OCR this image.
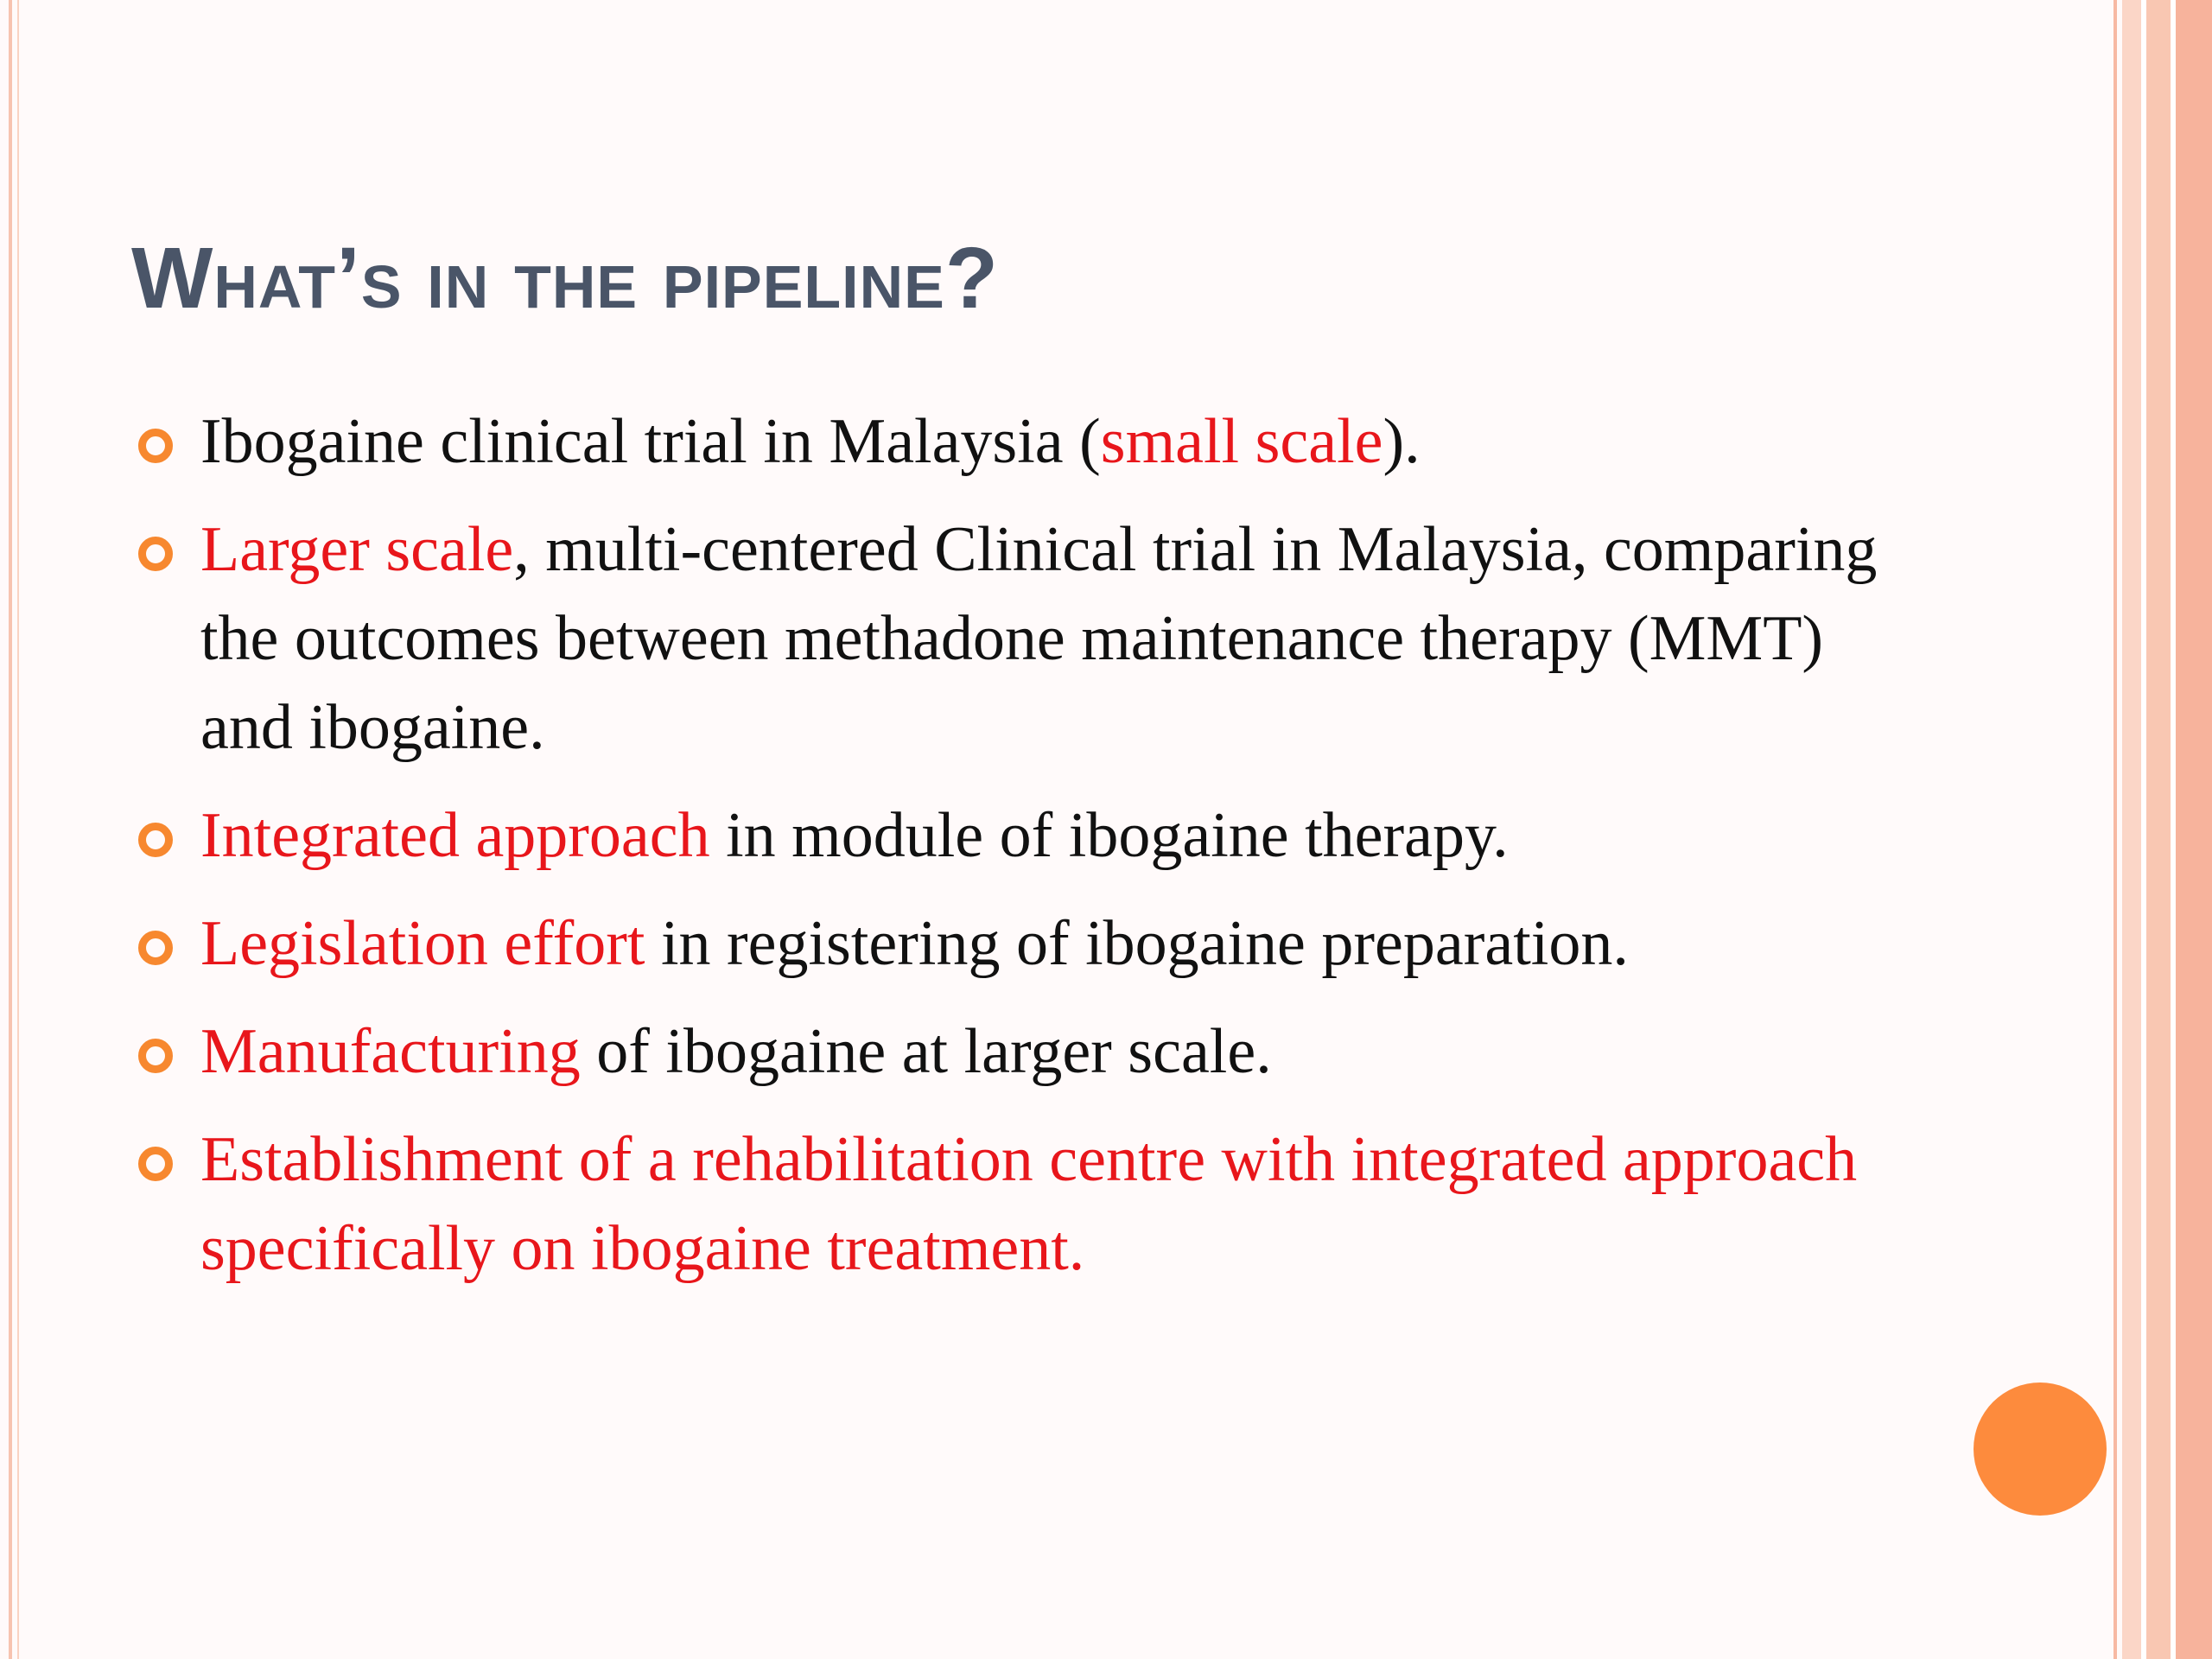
What’s in the pipeline?
Ibogaine clinical trial in Malaysia (small scale).
Larger scale, multi-centered Clinical trial in Malaysia, comparing the outcomes between methadone maintenance therapy (MMT) and ibogaine.
Integrated approach in module of ibogaine therapy.
Legislation effort in registering of ibogaine preparation.
Manufacturing of ibogaine at larger scale.
Establishment of a rehabilitation centre with integrated approach specifically on ibogaine treatment.
